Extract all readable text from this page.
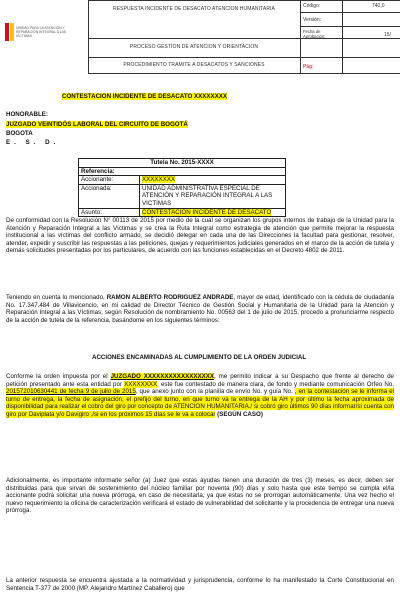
UNIDAD PARA LA ATENCIÓN Y REPARACIÓN INTEGRAL A LAS VÍCTIMAS
RESPUESTA INCIDENTE DE DESACATO ATENCION HUMANITARIA
PROCESO GESTION DE ATENCION Y ORIENTACION
PROCEDIMIENTO TRAMITE A DESACATOS Y SANCIONES
Código:	740,0
Versión:
Fecha de Aprobación:	15/
Pág:
CONTESTACION INCIDENTE DE DESACATO XXXXXXXX
HONORABLE:
JUZGADO VEINTIDÓS LABORAL DEL CIRCUITO DE BOGOTÁ
BOGOTA
E. S. D.
Tutela No. 2015-XXXX	
Referencia:	
Accionante:	XXXXXXXX
Accionada:	UNIDAD ADMINISTRATIVA ESPECIAL DE ATENCIÓN Y REPARACIÓN INTEGRAL A LAS VICTIMAS
Asunto:	CONTESTACIÓN INCIDENTE DE DESACATO
De conformidad con la Resolución N° 00113 de 2015 por medio de la cual se organizan los grupos internos de trabajo de la Unidad para la Atención y Reparación Integral a las Víctimas y se crea la Ruta Integral como estrategia de atención que permite mejorar la respuesta institucional a las víctimas del conflicto armado, se decidió delegar en cada una de las Direcciones la facultad para gestionar, resolver, atender, expedir y suscribir las respuestas a las peticiones, quejas y requerimientos judiciales generados en el marco de la acción de tutela y demás solicitudes presentadas por los particulares, de acuerdo con las funciones establecidas en el Decreto 4802 de 2011.
Teniendo en cuenta lo mencionado, RAMON ALBERTO RODRIGUEZ ANDRADE, mayor de edad, identificado con la cédula de ciudadanía No. 17.347.484 de Villavicencio, en mi calidad de Director Técnico de Gestión Social y Humanitaria de la Unidad para la Atención y Reparación Integral a las Víctimas, según Resolución de nombramiento No. 00563 del 1 de julio de 2015, procedo a pronunciarme respecto de la acción de tutela de la referencia, basándome en los siguientes términos:
ACCIONES ENCAMINADAS AL CUMPLIMIENTO DE LA ORDEN JUDICIAL
Conforme la orden impuesta por el JUZGADO XXXXXXXXXXXXXXXXX, me permito indicar a su Despacho que frente al derecho de petición presentado ante esta entidad por XXXXXXXX, este fue contestado de manera clara, de fondo y mediante comunicación Orfeo No. 201572010630441 de fecha 9 de julio de 2015, que anexo junto con la planilla de envío No. y guía No. , en la contestación se le informa el turno de entrega, la fecha de asignación, el prefijo del turno, en que turno va la entrega de la AH y por último la fecha aproximada de disponibilidad para realizar el cobro del giro por concepto de ATENCION HUMANITARIA./ si cobró giro últimos 90 días informar/si cuenta con giro por Daviplata y/o Davigiro ,/si en los próximos 15 días se le va a colocar (SEGÚN CASO)
Adicionalmente, es importante informarle señor (a) Juez que estas ayudas tienen una duración de tres (3) meses, es decir, deben ser distribuidas para que sirvan de sostenimiento del núcleo familiar por noventa (90) días y solo hasta que este tiempo se cumpla el/la accionante podrá solicitar una nueva prórroga, en caso de necesitarla, ya que estas no se prorrogan automáticamente. Una vez hecho el nuevo requerimiento la oficina de caracterización verificará el estado de vulnerabilidad del solicitante y la procedencia de entregar una nueva prórroga.
La anterior respuesta se encuentra ajustada a la normatividad y jurisprudencia, conforme lo ha manifestado la Corte Constitucional en Sentencia T-377 de 2000 (MP. Alejandro Martínez Caballero) que
